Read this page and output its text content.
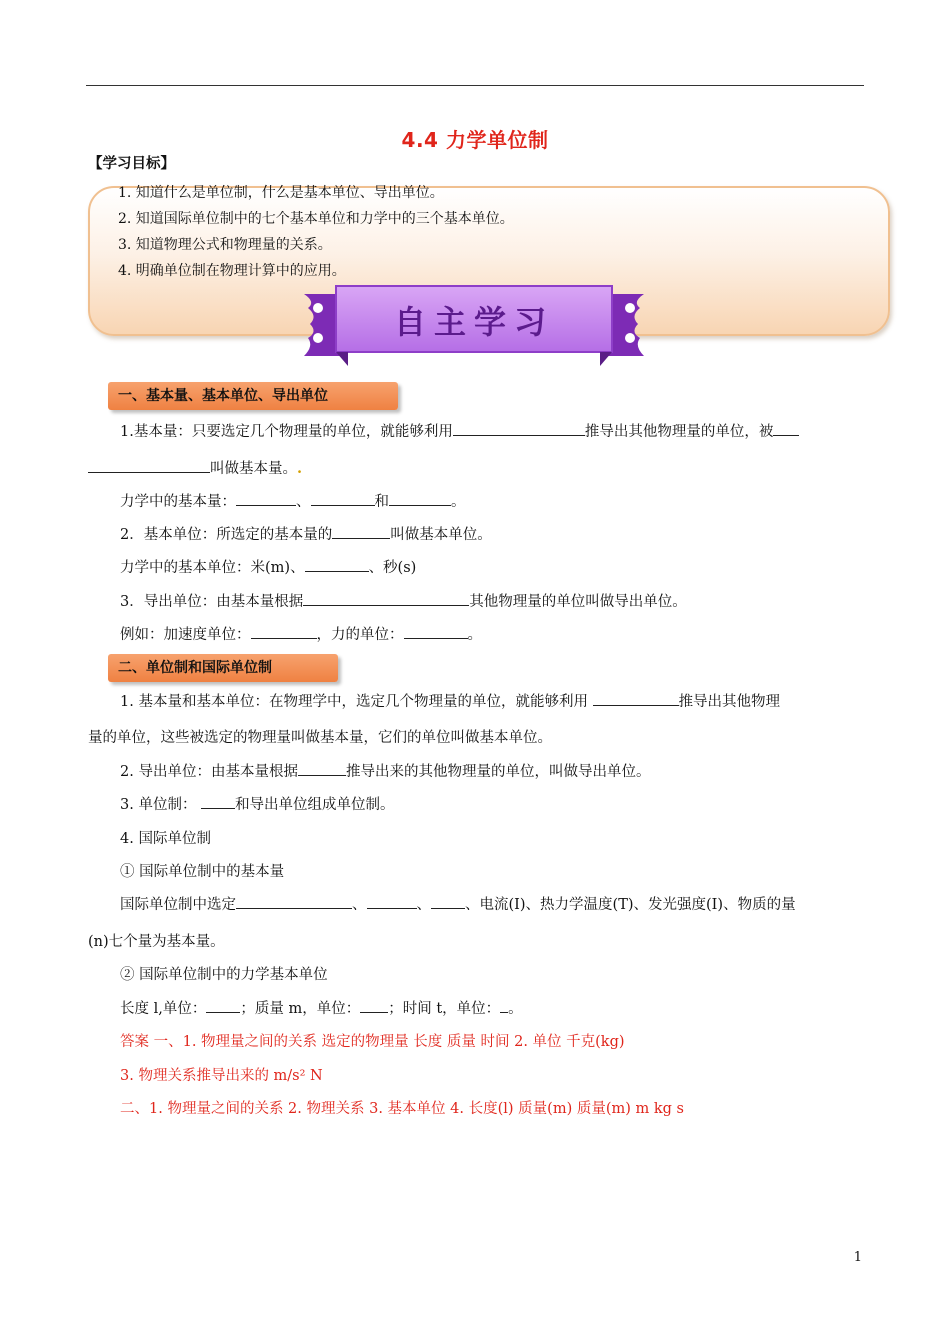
4.4 力学单位制
【学习目标】
1. 知道什么是单位制，什么是基本单位、导出单位。
2. 知道国际单位制中的七个基本单位和力学中的三个基本单位。
3. 知道物理公式和物理量的关系。
4. 明确单位制在物理计算中的应用。
自主学习
一、基本量、基本单位、导出单位
1.基本量：只要选定几个物理量的单位，就能够利用	推导出其他物理量的单位，被
叫做基本量。.
力学中的基本量：	、	和	。
2．基本单位：所选定的基本量的	叫做基本单位。
力学中的基本单位：米(m)、	、秒(s)
3．导出单位：由基本量根据	其他物理量的单位叫做导出单位。
例如：加速度单位：	，力的单位：	。
二、单位制和国际单位制
1. 基本量和基本单位：在物理学中，选定几个物理量的单位，就能够利用	推导出其他物理
量的单位，这些被选定的物理量叫做基本量，它们的单位叫做基本单位。
2. 导出单位：由基本量根据	推导出来的其他物理量的单位，叫做导出单位。
3. 单位制：	和导出单位组成单位制。
4. 国际单位制
① 国际单位制中的基本量
国际单位制中选定	、	、 、电流(I)、热力学温度(T)、发光强度(I)、物质的量
(n)七个量为基本量。
② 国际单位制中的力学基本单位
长度 l,单位： ；质量 m，单位： ；时间 t，单位： 。
答案 一、1. 物理量之间的关系 选定的物理量 长度 质量 时间 2. 单位 千克(kg)
3. 物理关系推导出来的 m/s² N
二、1. 物理量之间的关系 2. 物理关系 3. 基本单位 4. 长度(l) 质量(m) 质量(m) m kg s
1
